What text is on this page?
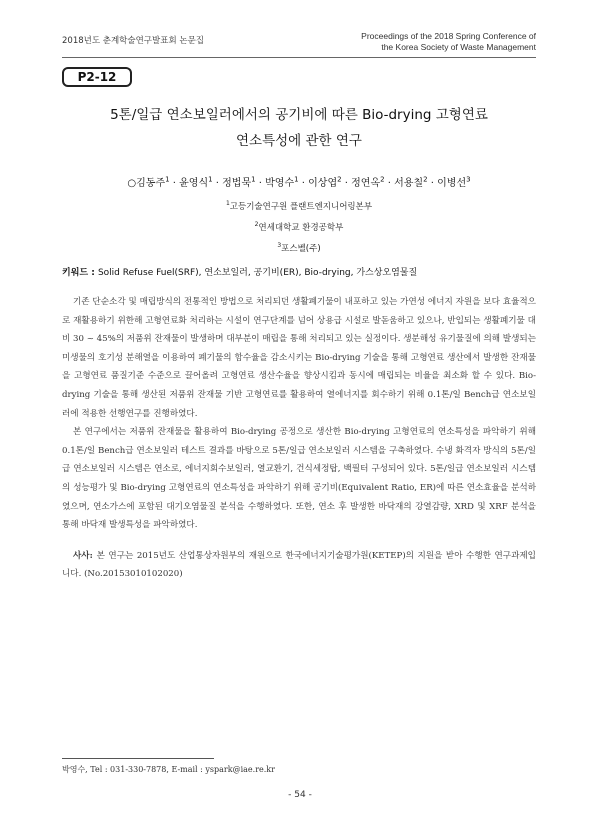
2018년도 춘계학술연구발표회 논문집	Proceedings of the 2018 Spring Conference of
the Korea Society of Waste Management
P2-12
5톤/일급 연소보일러에서의 공기비에 따른 Bio-drying 고형연료
연소특성에 관한 연구
○김동주$^1$ · 윤영식$^1$ · 정법묵$^1$ · 박영수$^1$ · 이상엽$^2$ · 정연옥$^2$ · 서용칠$^2$ · 이병선$^3$
$^1$고등기술연구원 플랜트엔지니어링본부
$^2$연세대학교 환경공학부
$^3$포스벨(주)
키워드 : Solid Refuse Fuel(SRF), 연소보일러, 공기비(ER), Bio-drying, 가스상오염물질

기존 단순소각 및 매립방식의 전통적인 방법으로 처리되던 생활폐기물이 내포하고 있는 가연성 에너지 자원을 보다 효율적으로 재활용하기 위한해 고형연료화 처리하는 시설이 연구단계를 넘어 상용급 시설로 발돋움하고 있으나, 반입되는 생활폐기물 대비 30 ~ 45%의 저품위 잔재물이 발생하며 대부분이 매립을 통해 처리되고 있는 실정이다. 생분해성 유기물질에 의해 발생되는 미생물의 호기성 분해열을 이용하여 폐기물의 함수율을 감소시키는 Bio-drying 기술을 통해 고형연료 생산에서 발생한 잔재물을 고형연료 품질기준 수준으로 끌어올려 고형연료 생산수율을 향상시킴과 동시에 매립되는 비율을 최소화 할 수 있다. Bio-drying 기술을 통해 생산된 저품위 잔재물 기반 고형연료를 활용하여 열에너지를 회수하기 위해 0.1톤/일 Bench급 연소보일러에 적용한 선행연구를 진행하였다.

본 연구에서는 저품위 잔재물을 활용하여 Bio-drying 공정으로 생산한 Bio-drying 고형연료의 연소특성을 파악하기 위해 0.1톤/일 Bench급 연소보일러 테스트 결과를 바탕으로 5톤/일급 연소보일러 시스템을 구축하였다. 수냉 화격자 방식의 5톤/일급 연소보일러 시스템은 연소로, 에너지회수보일러, 열교환기, 건식세정탑, 백필터 구성되어 있다. 5톤/일급 연소보일러 시스템의 성능평가 및 Bio-drying 고형연료의 연소특성을 파악하기 위해 공기비(Equivalent Ratio, ER)에 따른 연소효율을 분석하였으며, 연소가스에 포함된 대기오염물질 분석을 수행하였다. 또한, 연소 후 발생한 바닥재의 강열감량, XRD 및 XRF 분석을 통해 바닥재 발생특성을 파악하였다.

사사: 본 연구는 2015년도 산업통상자원부의 재원으로 한국에너지기술평가원(KETEP)의 지원을 받아 수행한 연구과제입니다. (No.20153010102020)

박영수, Tel : 031-330-7878, E-mail : yspark@iae.re.kr
- 54 -
